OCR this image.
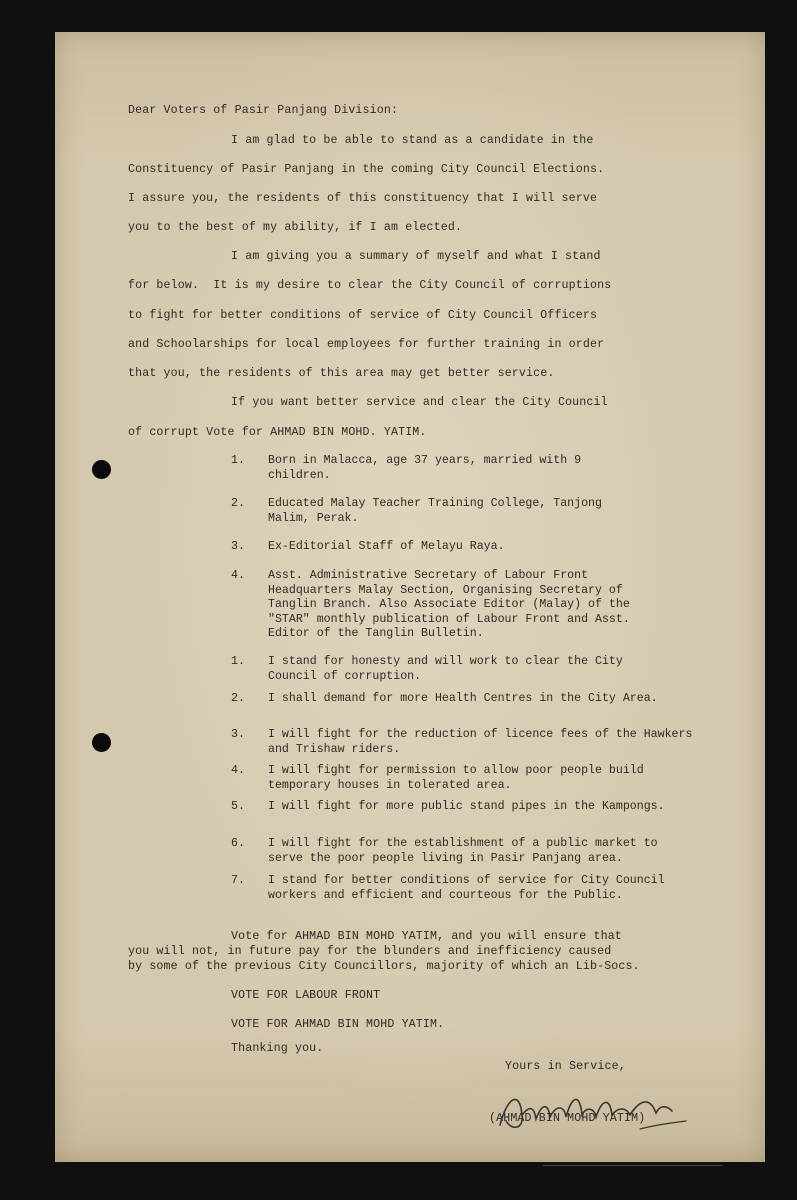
Dear Voters of Pasir Panjang Division:
I am glad to be able to stand as a candidate in the
Constituency of Pasir Panjang in the coming City Council Elections.
I assure you, the residents of this constituency that I will serve
you to the best of my ability, if I am elected.
I am giving you a summary of myself and what I stand
for below.  It is my desire to clear the City Council of corruptions
to fight for better conditions of service of City Council Officers
and Schoolarships for local employees for further training in order
that you, the residents of this area may get better service.
If you want better service and clear the City Council
of corrupt Vote for AHMAD BIN MOHD. YATIM.
1.	Born in Malacca, age 37 years, married with 9 children.
2.	Educated Malay Teacher Training College, Tanjong Malim, Perak.
3.	Ex-Editorial Staff of Melayu Raya.
4.	Asst. Administrative Secretary of Labour Front Headquarters Malay Section, Organising Secretary of Tanglin Branch. Also Associate Editor (Malay) of the "STAR" monthly publication of Labour Front and Asst. Editor of the Tanglin Bulletin.
1.	I stand for honesty and will work to clear the City Council of corruption.
2.	I shall demand for more Health Centres in the City Area.
3.	I will fight for the reduction of licence fees of the Hawkers and Trishaw riders.
4.	I will fight for permission to allow poor people build temporary houses in tolerated area.
5.	I will fight for more public stand pipes in the Kampongs.
6.	I will fight for the establishment of a public market to serve the poor people living in Pasir Panjang area.
7.	I stand for better conditions of service for City Council workers and efficient and courteous for the Public.
Vote for AHMAD BIN MOHD YATIM, and you will ensure that
you will not, in future pay for the blunders and inefficiency caused
by some of the previous City Councillors, majority of which an Lib-Socs.
VOTE FOR LABOUR FRONT
VOTE FOR AHMAD BIN MOHD YATIM.
Thanking you.
Yours in Service,
(AHMAD BIN MOHD YATIM)
